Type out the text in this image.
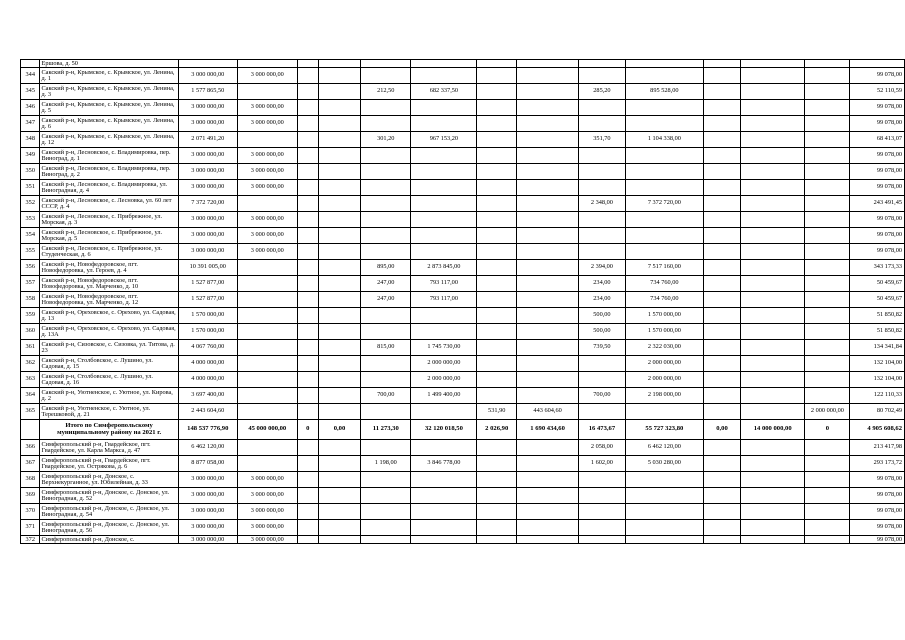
	Ершова, д. 50														
344	Сакский р-н, Крымское, с. Крымское, ул. Ленина, д. 1	3 000 000,00	3 000 000,00												99 078,00
345	Сакский р-н, Крымское, с. Крымское, ул. Ленина, д. 3	1 577 865,50				212,50	682 337,50			285,20	895 528,00				52 110,59
346	Сакский р-н, Крымское, с. Крымское, ул. Ленина, д. 5	3 000 000,00	3 000 000,00												99 078,00
347	Сакский р-н, Крымское, с. Крымское, ул. Ленина, д. 6	3 000 000,00	3 000 000,00												99 078,00
348	Сакский р-н, Крымское, с. Крымское, ул. Ленина, д. 12	2 071 491,20				301,20	967 153,20			351,70	1 104 338,00				68 413,07
349	Сакский р-н, Лесновское, с. Владимировка, пер. Виноград, д. 1	3 000 000,00	3 000 000,00												99 078,00
350	Сакский р-н, Лесновское, с. Владимировка, пер. Виноград, д. 2	3 000 000,00	3 000 000,00												99 078,00
351	Сакский р-н, Лесновское, с. Владимировка, ул. Виноградная, д. 4	3 000 000,00	3 000 000,00												99 078,00
352	Сакский р-н, Лесновское, с. Лесновка, ул. 60 лет СССР, д. 4	7 372 720,00								2 348,00	7 372 720,00				243 491,45
353	Сакский р-н, Лесновское, с. Прибрежное, ул. Морская, д. 3	3 000 000,00	3 000 000,00												99 078,00
354	Сакский р-н, Лесновское, с. Прибрежное, ул. Морская, д. 5	3 000 000,00	3 000 000,00												99 078,00
355	Сакский р-н, Лесновское, с. Прибрежное, ул. Студенческая, д. 6	3 000 000,00	3 000 000,00												99 078,00
356	Сакский р-н, Новофедоровское, пгт. Новофедоровка, ул. Героев, д. 4	10 391 005,00				895,00	2 873 845,00			2 394,00	7 517 160,00				343 173,33
357	Сакский р-н, Новофедоровское, пгт. Новофедоровка, ул. Марченко, д. 10	1 527 877,00				247,00	793 117,00			234,00	734 760,00				50 459,67
358	Сакский р-н, Новофедоровское, пгт. Новофедоровка, ул. Марченко, д. 12	1 527 877,00				247,00	793 117,00			234,00	734 760,00				50 459,67
359	Сакский р-н, Ореховское, с. Орехово, ул. Садовая, д. 13	1 570 000,00								500,00	1 570 000,00				51 850,82
360	Сакский р-н, Ореховское, с. Орехово, ул. Садовая, д. 13А	1 570 000,00								500,00	1 570 000,00				51 850,82
361	Сакский р-н, Сизовское, с. Сизовка, ул. Титова, д. 23	4 067 760,00				815,00	1 745 730,00			739,50	2 322 030,00				134 341,84
362	Сакский р-н, Столбовское, с. Лушино, ул. Садовая, д. 15	4 000 000,00					2 000 000,00				2 000 000,00				132 104,00
363	Сакский р-н, Столбовское, с. Лушино, ул. Садовая, д. 16	4 000 000,00					2 000 000,00				2 000 000,00				132 104,00
364	Сакский р-н, Уютненское, с. Уютное, ул. Кирова, д. 2	3 697 400,00				700,00	1 499 400,00			700,00	2 198 000,00				122 110,33
365	Сакский р-н, Уютненское, с. Уютное, ул. Терешковой, д. 21	2 443 604,60						531,90	443 604,60					2 000 000,00	80 702,49
	Итого по Симферопольскому муниципальному району на 2021 г.	148 537 776,90	45 000 000,00	0	0,00	11 273,30	32 120 018,50	2 026,90	1 690 434,60	16 473,67	55 727 323,80	0,00	14 000 000,00	0	4 905 608,62
366	Симферопольский р-н, Гвардейское, пгт. Гвардейское, ул. Карла Маркса, д. 47	6 462 120,00								2 058,00	6 462 120,00				213 417,98
367	Симферопольский р-н, Гвардейское, пгт. Гвардейское, ул. Острякова, д. 6	8 877 058,00				1 198,00	3 846 778,00			1 602,00	5 030 280,00				293 173,72
368	Симферопольский р-н, Донское, с. Верхнекурганное, ул. Юбилейная, д. 33	3 000 000,00	3 000 000,00												99 078,00
369	Симферопольский р-н, Донское, с. Донское, ул. Виноградная, д. 52	3 000 000,00	3 000 000,00												99 078,00
370	Симферопольский р-н, Донское, с. Донское, ул. Виноградная, д. 54	3 000 000,00	3 000 000,00												99 078,00
371	Симферопольский р-н, Донское, с. Донское, ул. Виноградная, д. 56	3 000 000,00	3 000 000,00												99 078,00
372	Симферопольский р-н, Донское, с.	3 000 000,00	3 000 000,00												99 078,00
